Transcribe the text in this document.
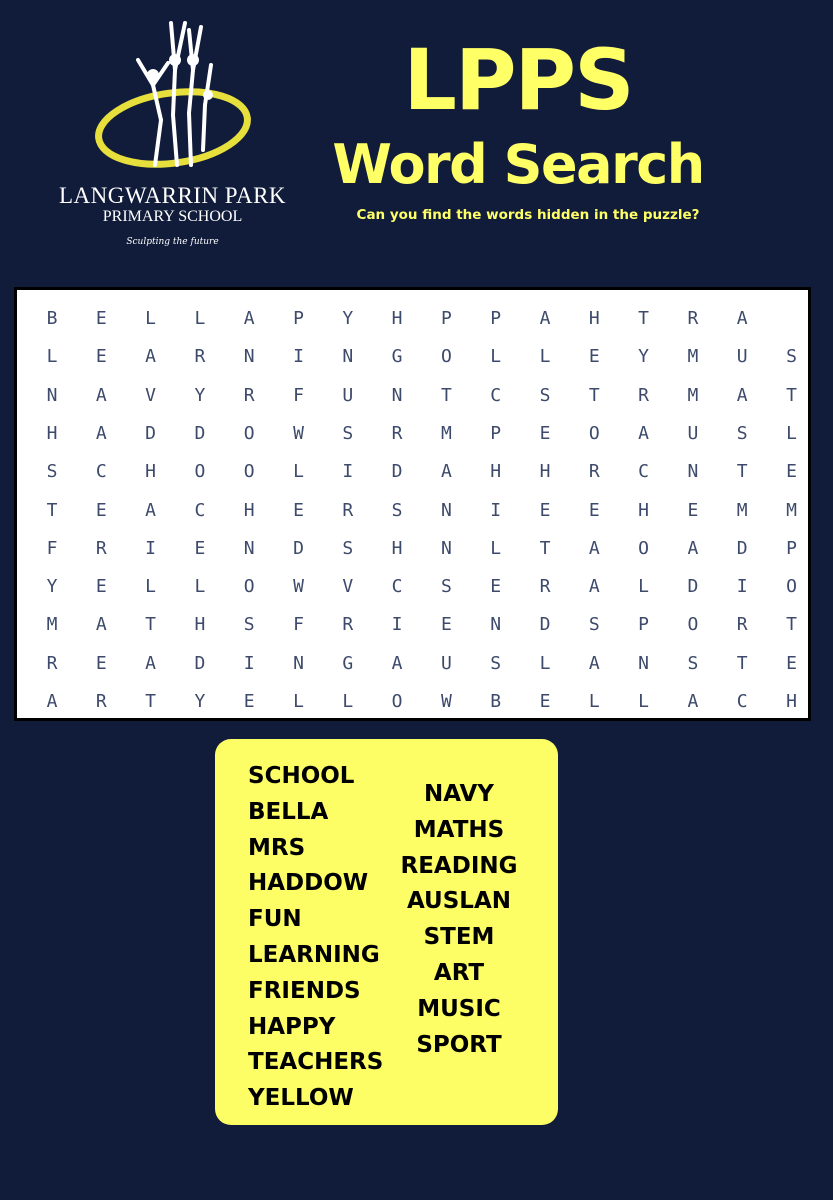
LANGWARRIN PARK
PRIMARY SCHOOL
Sculpting the future
LPPS
Word Search
Can you find the words hidden in the puzzle?
B	E	L	L	A	P	Y	H	P	P	A	H	T	R	A
L	E	A	R	N	I	N	G	O	L	L	E	Y	M	U	S
N	A	V	Y	R	F	U	N	T	C	S	T	R	M	A	T
H	A	D	D	O	W	S	R	M	P	E	O	A	U	S	L
S	C	H	O	O	L	I	D	A	H	H	R	C	N	T	E
T	E	A	C	H	E	R	S	N	I	E	E	H	E	M	M
F	R	I	E	N	D	S	H	N	L	T	A	O	A	D	P
Y	E	L	L	O	W	V	C	S	E	R	A	L	D	I	O
M	A	T	H	S	F	R	I	E	N	D	S	P	O	R	T
R	E	A	D	I	N	G	A	U	S	L	A	N	S	T	E
A	R	T	Y	E	L	L	O	W	B	E	L	L	A	C	H
SCHOOL
BELLA
MRS
HADDOW
FUN
LEARNING
FRIENDS
HAPPY
TEACHERS
YELLOW
NAVY
MATHS
READING
AUSLAN
STEM
ART
MUSIC
SPORT
